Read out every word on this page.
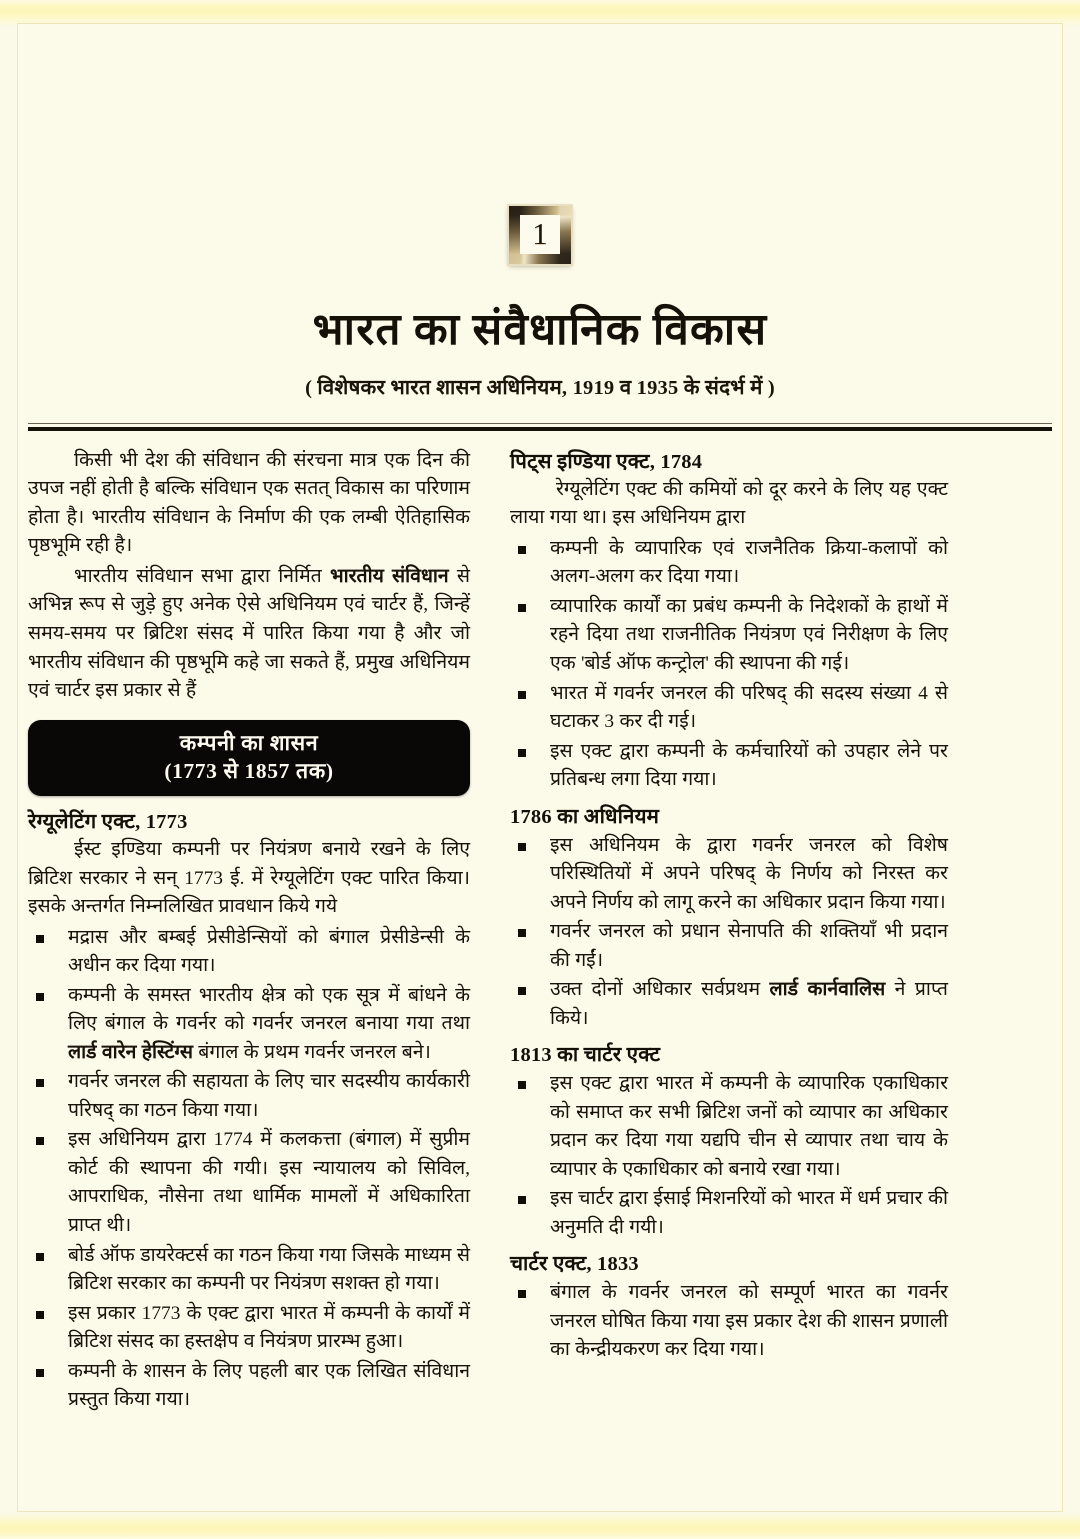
1
भारत का संवैधानिक विकास
( विशेषकर भारत शासन अधिनियम, 1919 व 1935 के संदर्भ में )

किसी भी देश की संविधान की संरचना मात्र एक दिन की उपज नहीं होती है बल्कि संविधान एक सतत् विकास का परिणाम होता है। भारतीय संविधान के निर्माण की एक लम्बी ऐतिहासिक पृष्ठभूमि रही है।

भारतीय संविधान सभा द्वारा निर्मित भारतीय संविधान से अभिन्न रूप से जुड़े हुए अनेक ऐसे अधिनियम एवं चार्टर हैं, जिन्हें समय-समय पर ब्रिटिश संसद में पारित किया गया है और जो भारतीय संविधान की पृष्ठभूमि कहे जा सकते हैं, प्रमुख अधिनियम एवं चार्टर इस प्रकार से हैं

कम्पनी का शासन
(1773 से 1857 तक)
रेग्यूलेटिंग एक्ट, 1773

ईस्ट इण्डिया कम्पनी पर नियंत्रण बनाये रखने के लिए ब्रिटिश सरकार ने सन् 1773 ई. में रेग्यूलेटिंग एक्ट पारित किया। इसके अन्तर्गत निम्नलिखित प्रावधान किये गये

मद्रास और बम्बई प्रेसीडेन्सियों को बंगाल प्रेसीडेन्सी के अधीन कर दिया गया।
कम्पनी के समस्त भारतीय क्षेत्र को एक सूत्र में बांधने के लिए बंगाल के गवर्नर को गवर्नर जनरल बनाया गया तथा लार्ड वारेन हेस्टिंग्स बंगाल के प्रथम गवर्नर जनरल बने।
गवर्नर जनरल की सहायता के लिए चार सदस्यीय कार्यकारी परिषद् का गठन किया गया।
इस अधिनियम द्वारा 1774 में कलकत्ता (बंगाल) में सुप्रीम कोर्ट की स्थापना की गयी। इस न्यायालय को सिविल, आपराधिक, नौसेना तथा धार्मिक मामलों में अधिकारिता प्राप्त थी।
बोर्ड ऑफ डायरेक्टर्स का गठन किया गया जिसके माध्यम से ब्रिटिश सरकार का कम्पनी पर नियंत्रण सशक्त हो गया।
इस प्रकार 1773 के एक्ट द्वारा भारत में कम्पनी के कार्यों में ब्रिटिश संसद का हस्तक्षेप व नियंत्रण प्रारम्भ हुआ।
कम्पनी के शासन के लिए पहली बार एक लिखित संविधान प्रस्तुत किया गया।
पिट्स इण्डिया एक्ट, 1784

रेग्यूलेटिंग एक्ट की कमियों को दूर करने के लिए यह एक्ट लाया गया था। इस अधिनियम द्वारा

कम्पनी के व्यापारिक एवं राजनैतिक क्रिया-कलापों को अलग-अलग कर दिया गया।
व्यापारिक कार्यों का प्रबंध कम्पनी के निदेशकों के हाथों में रहने दिया तथा राजनीतिक नियंत्रण एवं निरीक्षण के लिए एक 'बोर्ड ऑफ कन्ट्रोल' की स्थापना की गई।
भारत में गवर्नर जनरल की परिषद् की सदस्य संख्या 4 से घटाकर 3 कर दी गई।
इस एक्ट द्वारा कम्पनी के कर्मचारियों को उपहार लेने पर प्रतिबन्ध लगा दिया गया।
1786 का अधिनियम
इस अधिनियम के द्वारा गवर्नर जनरल को विशेष परिस्थितियों में अपने परिषद् के निर्णय को निरस्त कर अपने निर्णय को लागू करने का अधिकार प्रदान किया गया।
गवर्नर जनरल को प्रधान सेनापति की शक्तियाँ भी प्रदान की गईं।
उक्त दोनों अधिकार सर्वप्रथम लार्ड कार्नवालिस ने प्राप्त किये।
1813 का चार्टर एक्ट
इस एक्ट द्वारा भारत में कम्पनी के व्यापारिक एकाधिकार को समाप्त कर सभी ब्रिटिश जनों को व्यापार का अधिकार प्रदान कर दिया गया यद्यपि चीन से व्यापार तथा चाय के व्यापार के एकाधिकार को बनाये रखा गया।
इस चार्टर द्वारा ईसाई मिशनरियों को भारत में धर्म प्रचार की अनुमति दी गयी।
चार्टर एक्ट, 1833
बंगाल के गवर्नर जनरल को सम्पूर्ण भारत का गवर्नर जनरल घोषित किया गया इस प्रकार देश की शासन प्रणाली का केन्द्रीयकरण कर दिया गया।
